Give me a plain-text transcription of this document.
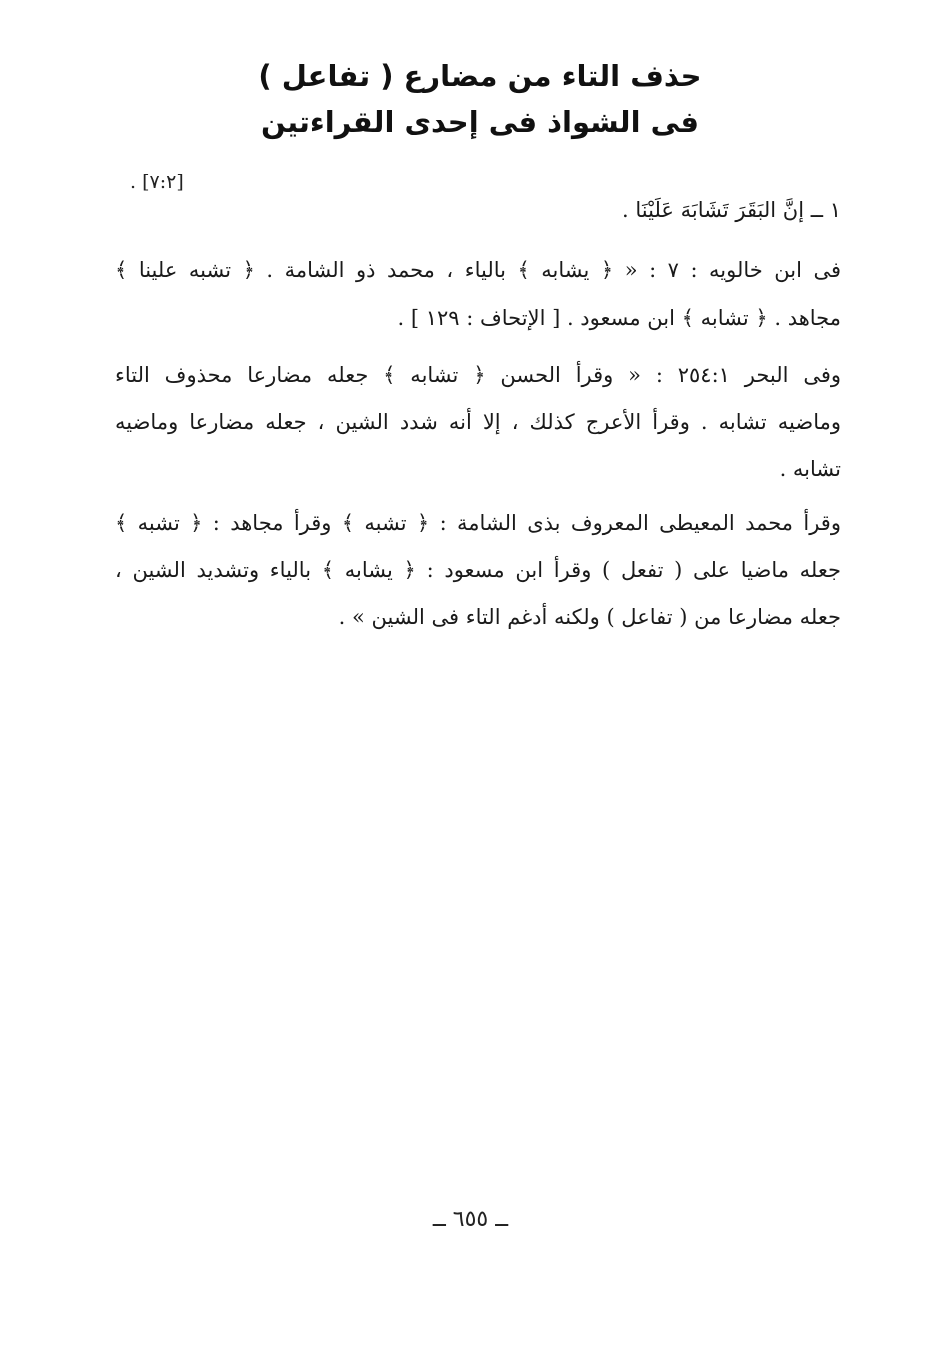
حذف التاء من مضارع ( تفاعل )
فى الشواذ فى إحدى القراءتين
. [٧:٢]
١ ــ إنَّ البَقَرَ تَشَابَهَ عَلَيْنَا .
فى ابن خالويه : ٧ : « ﴿ يشابه ﴾ بالياء ، محمد ذو الشامة . ﴿ تشبه علينا ﴾
مجاهد . ﴿ تشابه ﴾ ابن مسعود . [ الإتحاف : ١٢٩ ] .
وفى البحر ٢٥٤:١ : « وقرأ الحسن ﴿ تشابه ﴾ جعله مضارعا محذوف التاء
وماضيه تشابه . وقرأ الأعرج كذلك ، إلا أنه شدد الشين ، جعله مضارعا وماضيه
تشابه .
وقرأ محمد المعيطى المعروف بذى الشامة : ﴿ تشبه ﴾ وقرأ مجاهد : ﴿ تشبه ﴾
جعله ماضيا على ( تفعل ) وقرأ ابن مسعود : ﴿ يشابه ﴾ بالياء وتشديد الشين ،
جعله مضارعا من ( تفاعل ) ولكنه أدغم التاء فى الشين » .
ــ ٦٥٥ ــ
